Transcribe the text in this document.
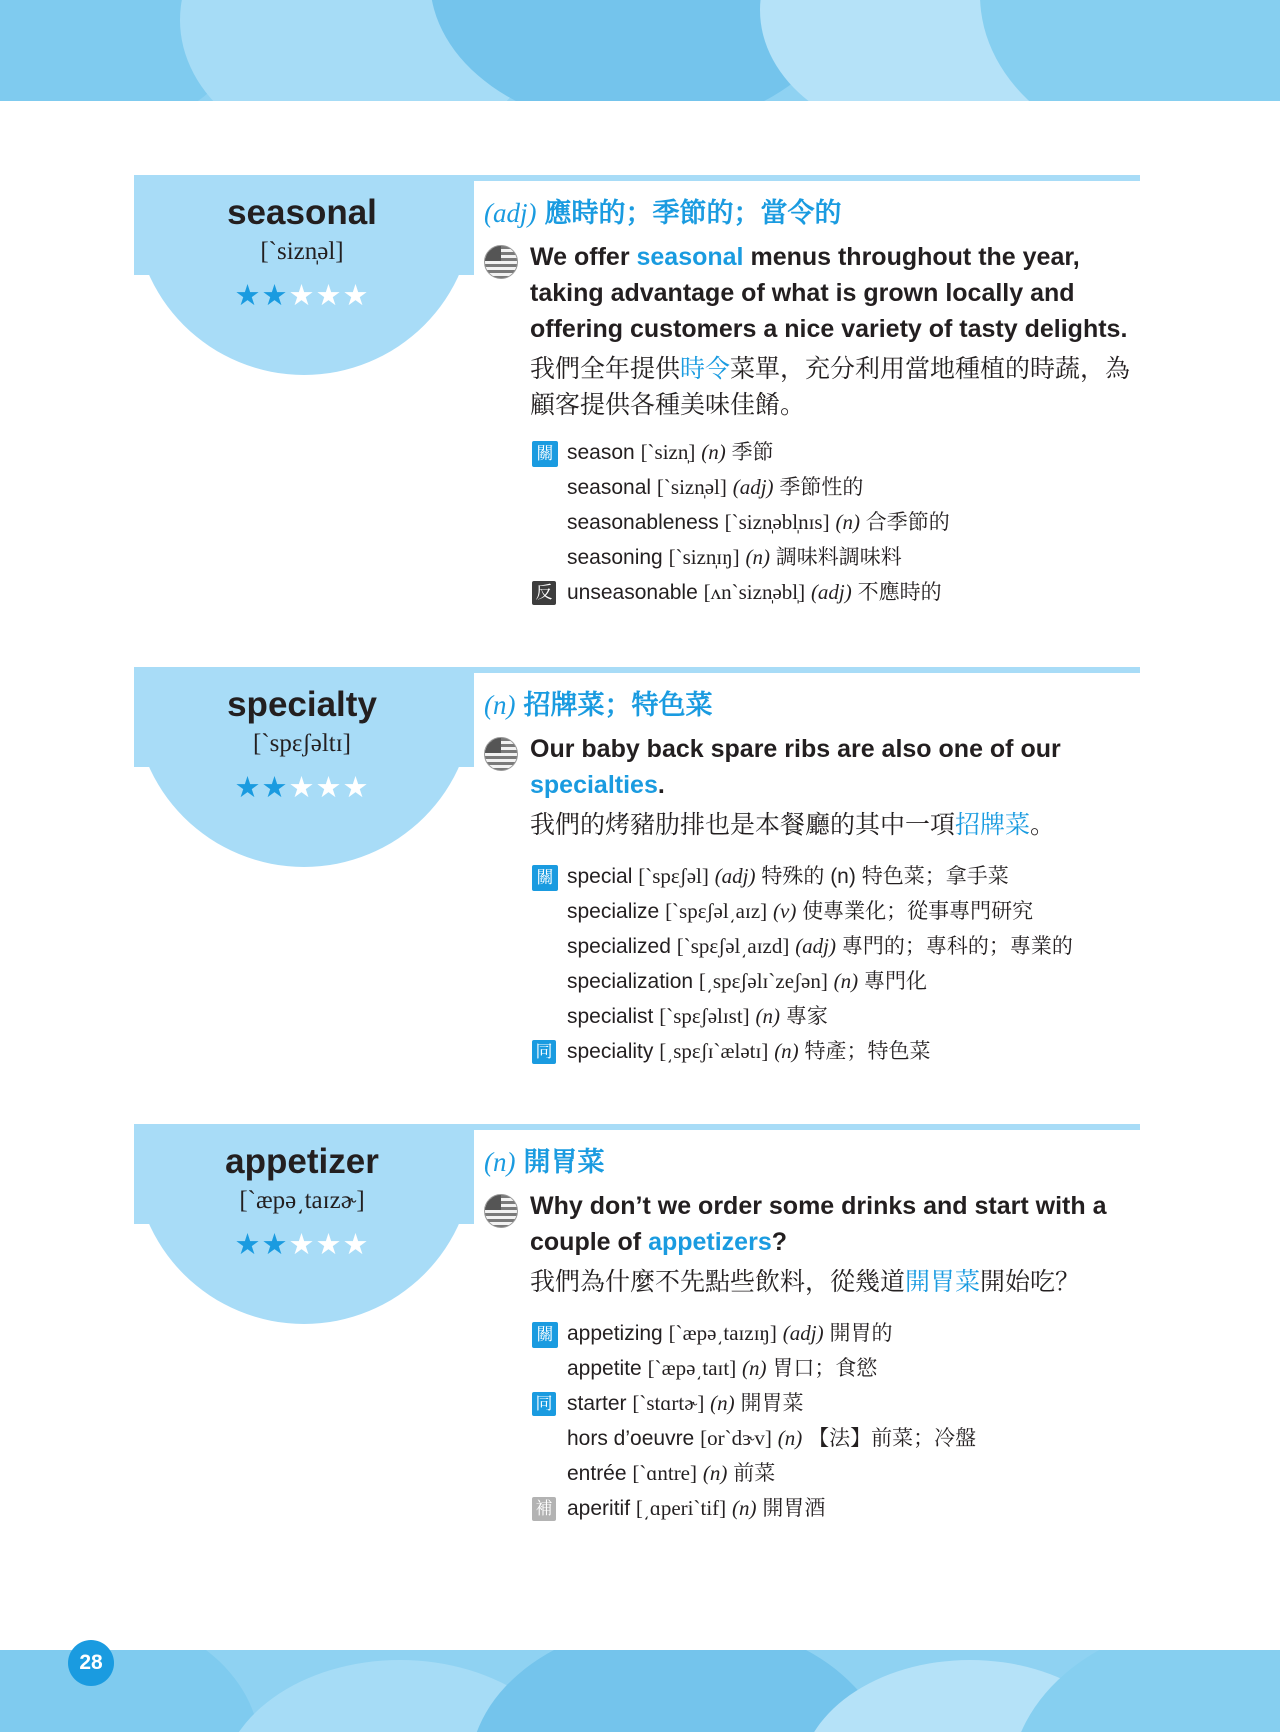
seasonal
[`sizn̩əl]
★★★★★
(adj) 應時的；季節的；當令的
We offer seasonal menus throughout the year, taking advantage of what is grown locally and offering customers a nice variety of tasty delights.
我們全年提供時令菜單，充分利用當地種植的時蔬，為顧客提供各種美味佳餚。
關 season [`sizn̩] (n) 季節
seasonal [`sizn̩əl] (adj) 季節性的
seasonableness [`sizn̩əbl̩nɪs] (n) 合季節的
seasoning [`sizn̩ɪŋ] (n) 調味料調味料
反 unseasonable [ʌn`sizn̩əbl̩] (adj) 不應時的
specialty
[`spɛʃəltɪ]
★★★★★
(n) 招牌菜；特色菜
Our baby back spare ribs are also one of our specialties.
我們的烤豬肋排也是本餐廳的其中一項招牌菜。
關 special [`spɛʃəl] (adj) 特殊的 (n) 特色菜；拿手菜
specialize [`spɛʃəl͵aɪz] (v) 使專業化；從事專門研究
specialized [`spɛʃəl͵aɪzd] (adj) 專門的；專科的；專業的
specialization [͵spɛʃəlɪ`zeʃən] (n) 專門化
specialist [`spɛʃəlɪst] (n) 專家
同 speciality [͵spɛʃɪ`ælətɪ] (n) 特產；特色菜
appetizer
[`æpə͵taɪzɚ]
★★★★★
(n) 開胃菜
Why don’t we order some drinks and start with a couple of appetizers?
我們為什麼不先點些飲料，從幾道開胃菜開始吃？
關 appetizing [`æpə͵taɪzɪŋ] (adj) 開胃的
appetite [`æpə͵taɪt] (n) 胃口；食慾
同 starter [`stɑrtɚ] (n) 開胃菜
hors d’oeuvre [or`dɝv] (n) 【法】前菜；冷盤
entrée [`ɑntre] (n) 前菜
補 aperitif [͵ɑperi`tif] (n) 開胃酒
28
